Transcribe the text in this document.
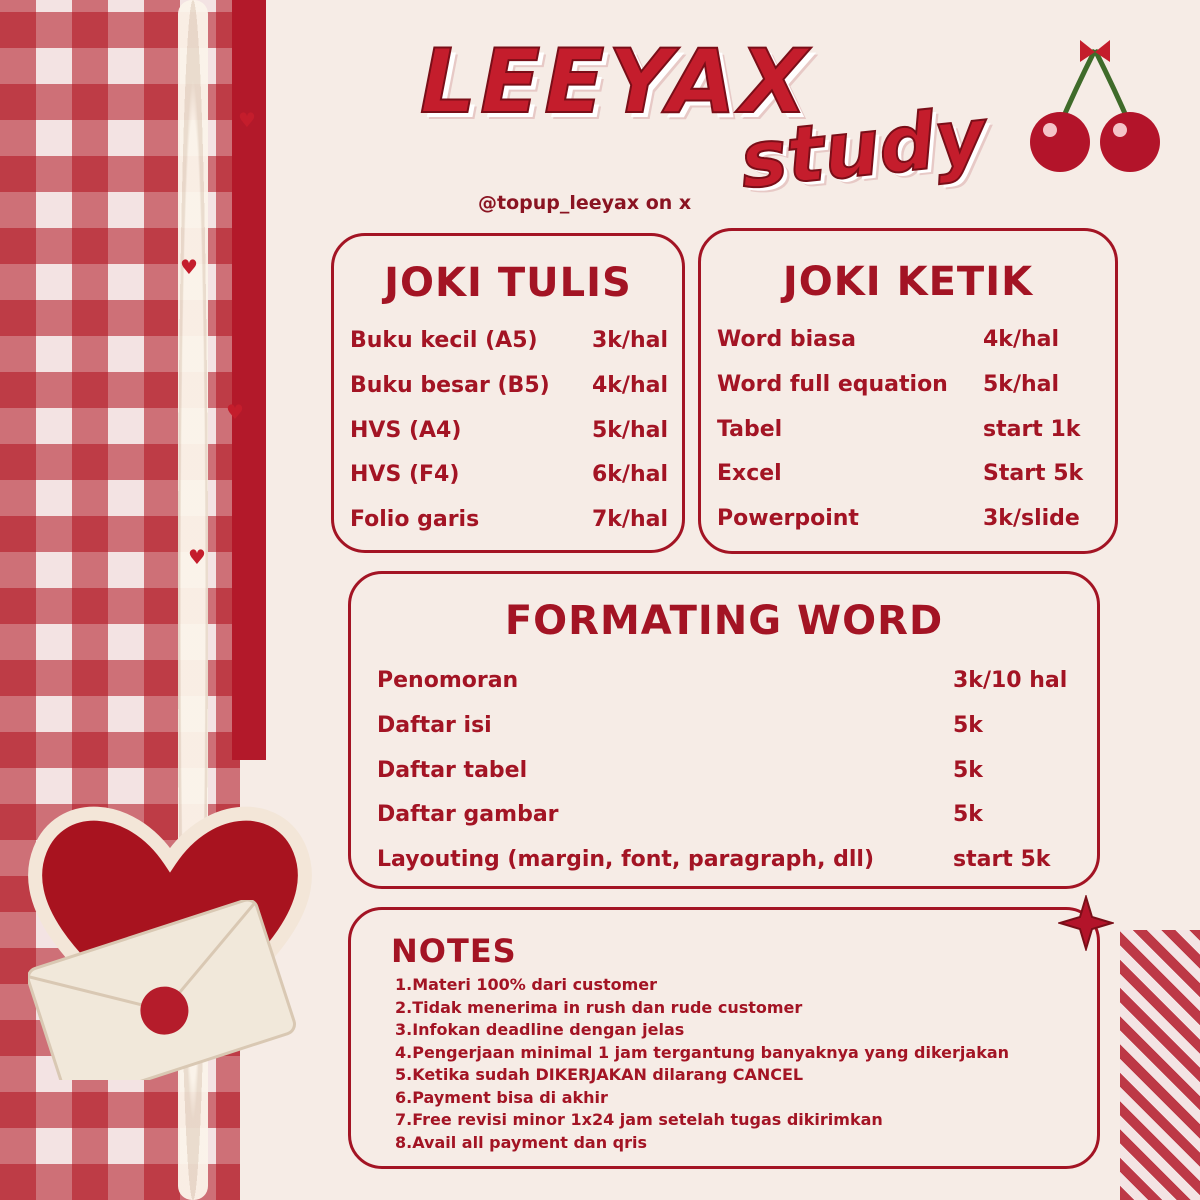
♥
♥
♥
♥
LEEYAX
study
@topup_leeyax on x
JOKI TULIS
Buku kecil (A5) 3k/hal
Buku besar (B5) 4k/hal
HVS (A4)	5k/hal
HVS (F4)	6k/hal
Folio garis	7k/hal
JOKI KETIK
Word biasa	4k/hal
Word full equation 5k/hal
Tabel	start 1k
Excel	Start 5k
Powerpoint	3k/slide
FORMATING WORD
Penomoran	3k/10 hal
Daftar isi	5k
Daftar tabel	5k
Daftar gambar	5k
Layouting (margin, font, paragraph, dll)	start 5k
NOTES
1.Materi 100% dari customer
2.Tidak menerima in rush dan rude customer
3.Infokan deadline dengan jelas
4.Pengerjaan minimal 1 jam tergantung banyaknya yang dikerjakan
5.Ketika sudah DIKERJAKAN dilarang CANCEL
6.Payment bisa di akhir
7.Free revisi minor 1x24 jam setelah tugas dikirimkan
8.Avail all payment dan qris
